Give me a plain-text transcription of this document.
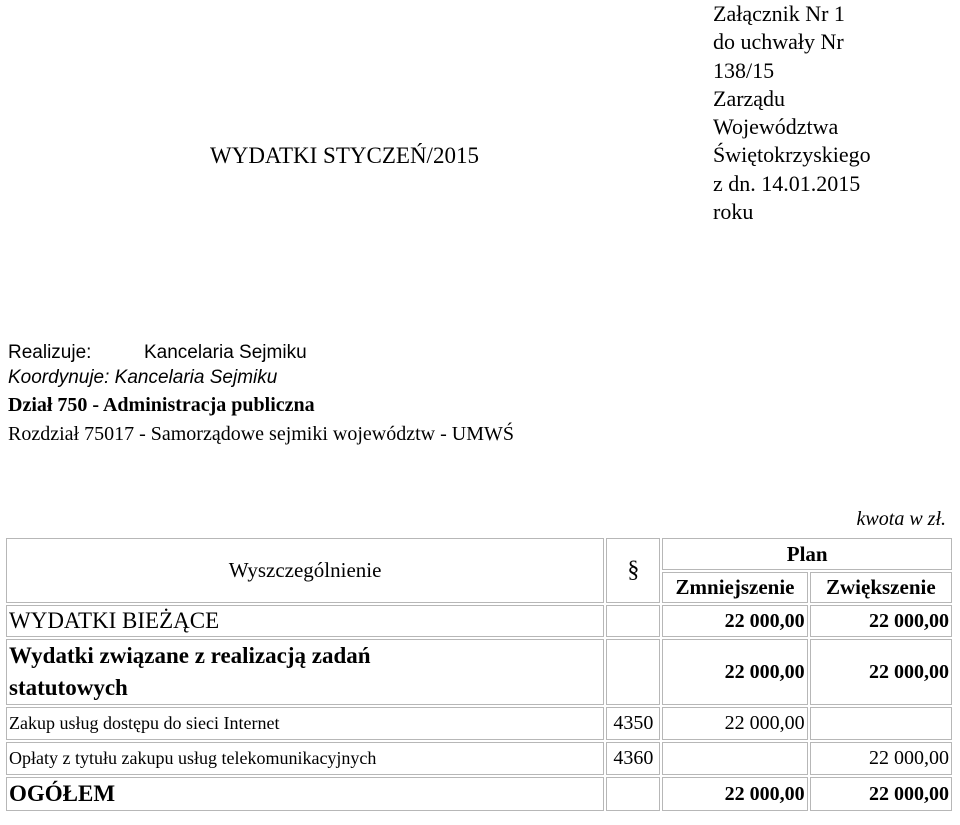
WYDATKI STYCZEŃ/2015
Załącznik Nr 1
do uchwały Nr
138/15
Zarządu
Województwa
Świętokrzyskiego
z dn. 14.01.2015
roku
Realizuje:	Kancelaria Sejmiku
Koordynuje: Kancelaria Sejmiku
Dział 750 - Administracja publiczna
Rozdział 75017 - Samorządowe sejmiki województw - UMWŚ
kwota w zł.
Wyszczególnienie	§	Plan	
		Zmniejszenie	Zwiększenie
WYDATKI BIEŻĄCE		22 000,00	22 000,00
Wydatki związane z realizacją zadań statutowych		22 000,00	22 000,00
Zakup usług dostępu do sieci Internet	4350	22 000,00	
Opłaty z tytułu zakupu usług telekomunikacyjnych	4360		22 000,00
OGÓŁEM		22 000,00	22 000,00
